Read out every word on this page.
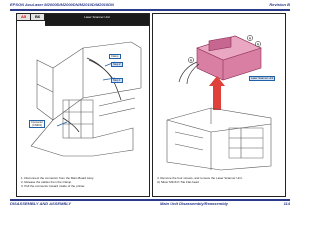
EPSON AcuLaser M2000D/M2000DN/M2010D/M2010DN	Revision B
A5	B6	Laser Scanner Unit
Clamp
Step 2
Step 1
Connector
(CN301)
1. Disconnect the connector from the Main Board Assy.
2. Release the cables from the Clamp.
3. Pull the connector toward inside of the printer.
A
A
A
Laser Scanner Unit
4. Remove the four screws, and remove the Laser Scanner Unit.
A) Silver M3x6 P-Tite Flat-head
DISASSEMBLY AND ASSEMBLY	Main Unit Disassembly/Reassembly	114
